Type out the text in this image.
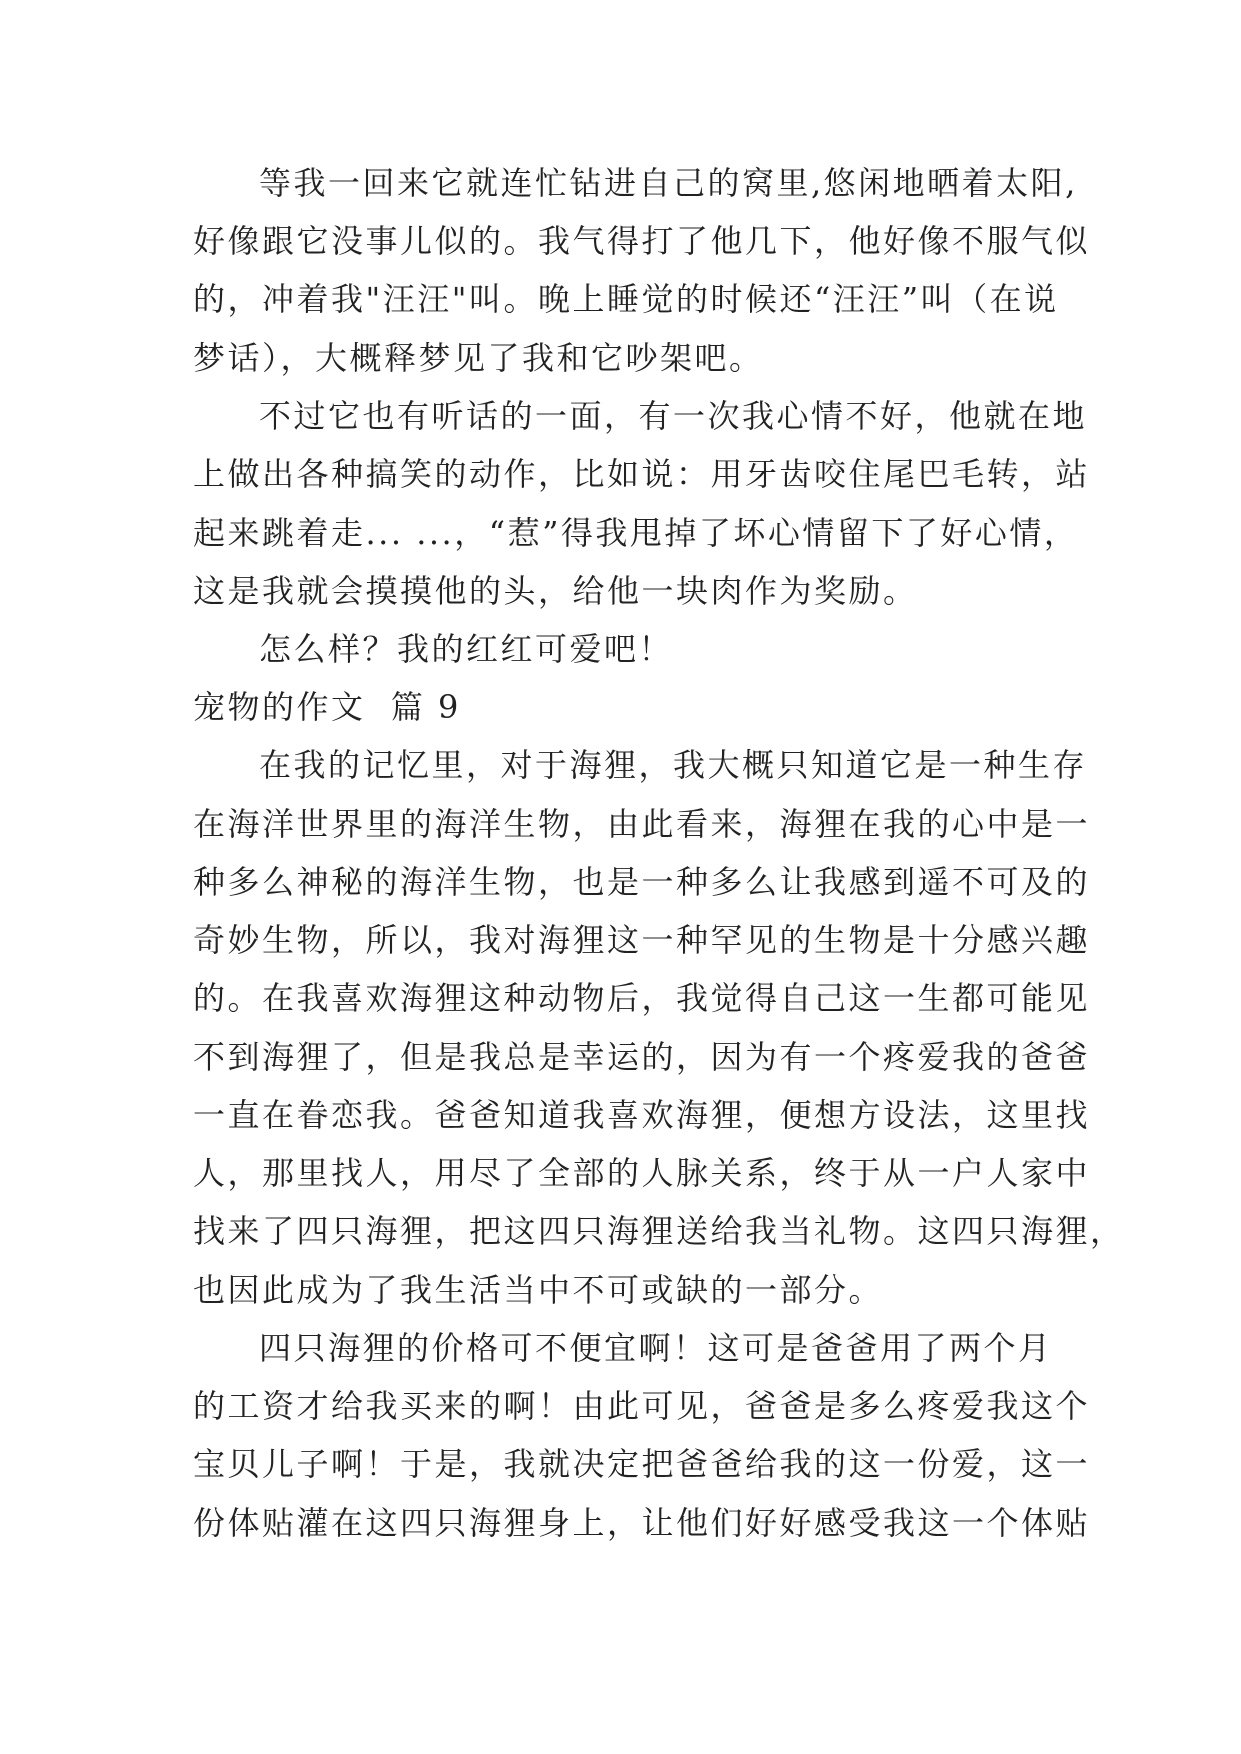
等我一回来它就连忙钻进自己的窝里,悠闲地晒着太阳,
好像跟它没事儿似的。我气得打了他几下，他好像不服气似
的，冲着我"汪汪"叫。晚上睡觉的时候还“汪汪”叫（在说
梦话），大概释梦见了我和它吵架吧。
不过它也有听话的一面，有一次我心情不好，他就在地
上做出各种搞笑的动作，比如说：用牙齿咬住尾巴毛转，站
起来跳着走... ...，“惹”得我甩掉了坏心情留下了好心情，
这是我就会摸摸他的头，给他一块肉作为奖励。
怎么样？我的红红可爱吧！
宠物的作文  篇 9
在我的记忆里，对于海狸，我大概只知道它是一种生存
在海洋世界里的海洋生物，由此看来，海狸在我的心中是一
种多么神秘的海洋生物，也是一种多么让我感到遥不可及的
奇妙生物，所以，我对海狸这一种罕见的生物是十分感兴趣
的。在我喜欢海狸这种动物后，我觉得自己这一生都可能见
不到海狸了，但是我总是幸运的，因为有一个疼爱我的爸爸
一直在眷恋我。爸爸知道我喜欢海狸，便想方设法，这里找
人，那里找人，用尽了全部的人脉关系，终于从一户人家中
找来了四只海狸，把这四只海狸送给我当礼物。这四只海狸，
也因此成为了我生活当中不可或缺的一部分。
四只海狸的价格可不便宜啊！这可是爸爸用了两个月
的工资才给我买来的啊！由此可见，爸爸是多么疼爱我这个
宝贝儿子啊！于是，我就决定把爸爸给我的这一份爱，这一
份体贴灌在这四只海狸身上，让他们好好感受我这一个体贴
